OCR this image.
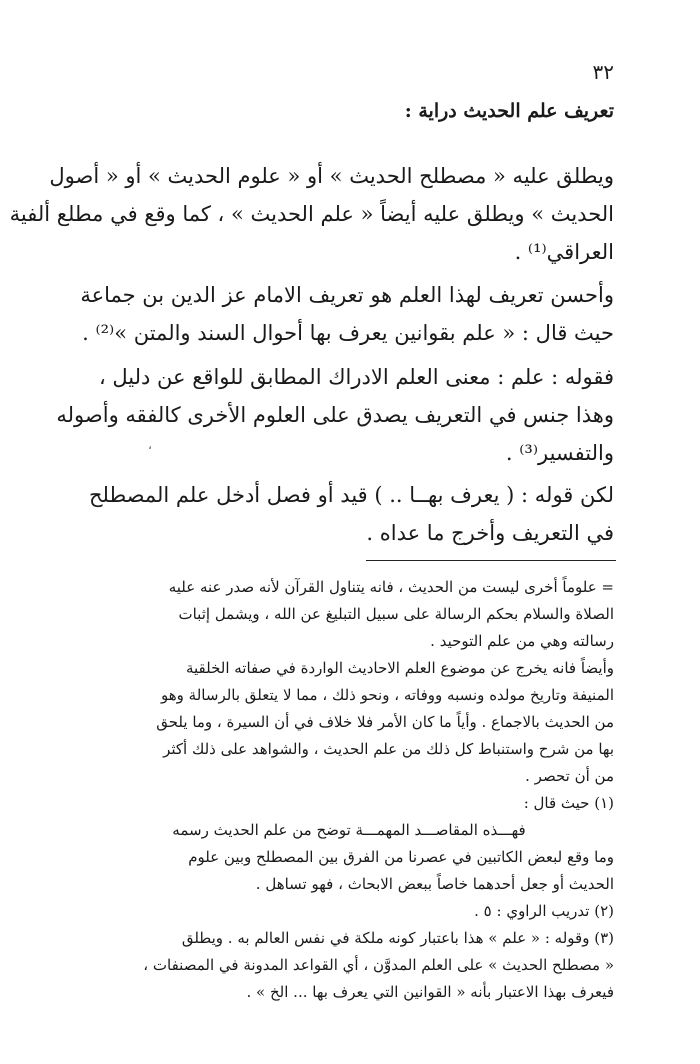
٣٢
تعريف علم الحديث دراية :

ويطلق عليه « مصطلح الحديث » أو « علوم الحديث » أو « أصول

الحديث » ويطلق عليه أيضاً « علم الحديث » ، كما وقع في مطلع ألفية

العراقي⁽¹⁾ .

وأحسن تعريف لهذا العلم هو تعريف الامام عز الدين بن جماعة

حيث قال : « علم بقوانين يعرف بها أحوال السند والمتن »⁽²⁾ .

فقوله : علم : معنى العلم الادراك المطابق للواقع عن دليل ،

وهذا جنس في التعريف يصدق على العلوم الأخرى كالفقه وأصوله

والتفسير⁽³⁾ .

،

لكن قوله : ( يعرف بهــا .. ) قيد أو فصل أدخل علم المصطلح

في التعريف وأخرج ما عداه .

= علوماً أخرى ليست من الحديث ، فانه يتناول القرآن لأنه صدر عنه عليه

الصلاة والسلام بحكم الرسالة على سبيل التبليغ عن الله ، ويشمل إثبات

رسالته وهي من علم التوحيد .

وأيضاً فانه يخرج عن موضوع العلم الاحاديث الواردة في صفاته الخلقية

المنيفة وتاريخ مولده ونسبه ووفاته ، ونحو ذلك ، مما لا يتعلق بالرسالة وهو

من الحديث بالاجماع . وأياً ما كان الأمر فلا خلاف في أن السيرة ، وما يلحق

بها من شرح واستنباط كل ذلك من علم الحديث ، والشواهد على ذلك أكثر

من أن تحصر .

(١) حيث قال :

فهـــذه المقاصـــد المهمـــة توضح من علم الحديث رسمه

وما وقع لبعض الكاتبين في عصرنا من الفرق بين المصطلح وبين علوم

الحديث أو جعل أحدهما خاصاً ببعض الابحاث ، فهو تساهل .

(٢) تدريب الراوي : ٥ .

(٣) وقوله : « علم » هذا باعتبار كونه ملكة في نفس العالم به . ويطلق

« مصطلح الحديث » على العلم المدوَّن ، أي القواعد المدونة في المصنفات ،

فيعرف بهذا الاعتبار بأنه « القوانين التي يعرف بها ... الخ » .
